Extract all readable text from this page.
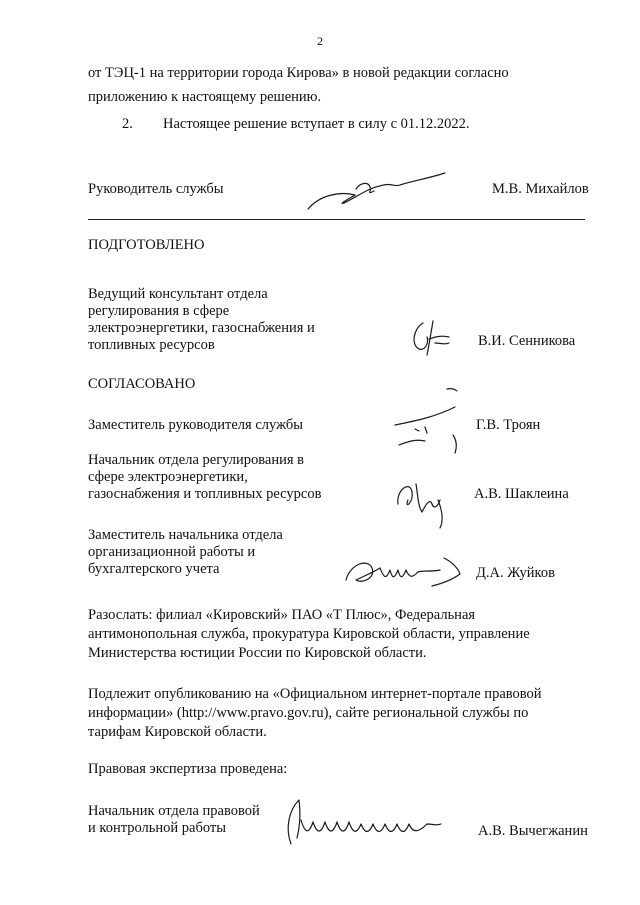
2
от ТЭЦ-1 на территории города Кирова» в новой редакции согласно
приложению к настоящему решению.
2. Настоящее решение вступает в силу с 01.12.2022.
Руководитель службы	М.В. Михайлов
ПОДГОТОВЛЕНО
Ведущий консультант отдела
регулирования в сфере
электроэнергетики, газоснабжения и
топливных ресурсов	В.И. Сенникова
СОГЛАСОВАНО
Заместитель руководителя службы	Г.В. Троян
Начальник отдела регулирования в
сфере электроэнергетики,
газоснабжения и топливных ресурсов	А.В. Шаклеина
Заместитель начальника отдела
организационной работы и
бухгалтерского учета	Д.А. Жуйков
Разослать: филиал «Кировский» ПАО «Т Плюс», Федеральная
антимонопольная служба, прокуратура Кировской области, управление
Министерства юстиции России по Кировской области.
Подлежит опубликованию на «Официальном интернет-портале правовой
информации» (http://www.pravo.gov.ru), сайте региональной службы по
тарифам Кировской области.
Правовая экспертиза проведена:
Начальник отдела правовой
и контрольной работы	А.В. Вычегжанин
